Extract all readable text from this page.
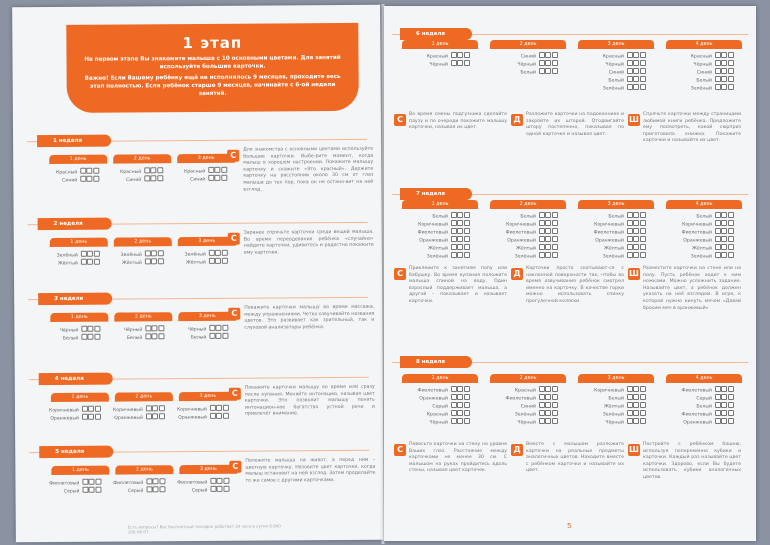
1 этап

На первом этапе Вы знакомите малыша с 10 основными цветами. Для занятий используйте большие карточки.

Важно! Если Вашему ребёнку ещё не исполнилось 9 месяцев, проходите весь этап полностью. Если ребёнок старше 9 месяцев, начинайте с 6-ой недели занятий.

1 неделя
1 день
Красный
Синий
2 день
Красный
Синий
3 день
Красный
Синий
С
Для знакомства с основными цветами используйте большие карточки. Выбе-рите момент, когда малыш в хорошем настроении. Покажите малышу карточку и скажите «Это красный». Держите карточку на расстоянии около 30 см от глаз малыша до тех пор, пока он не остано-вит на ней взгляд.
2 неделя
1 день
Зелёный
Жёлтый
2 день
Зелёный
Жёлтый
3 день
Зелёный
Жёлтый
С
Заранее спрячьте карточки среди вещей малыша. Во время переодевания ребёнка «случайно» найдите карточки, удивитесь и радостно покажите ему карточки.
3 неделя
1 день
Чёрный
Белый
2 день
Чёрный
Белый
3 день
Чёрный
Белый
С
Покажите карточки малышу во время массажа, между упражнениями. Четко озвучивайте названия цветов. Это развивает как зрительный, так и слуховой анализаторы ребёнка.
4 неделя
1 день
Коричневый
Оранжевый
2 день
Коричневый
Оранжевый
3 день
Коричневый
Оранжевый
С
Покажите карточки малышу во время или сразу после купания. Меняйте интонацию, называя цвет карточки. Это позволит малышу понять интонацион-ное богатство устной речи и привлечёт внимание.
5 неделя
1 день
Фиолетовый
Серый
2 день
Фиолетовый
Серый
3 день
Фиолетовый
Серый
С
Положите малыша на живот, а перед ним – цветную карточку. Назовите цвет карточки, когда малыш остановит на ней взгляд. Затем проделайте то же самое с другими карточками.
Есть вопросы? Вас бесплатный телефон работает 24 часа в сутки 8-800 100-08-07
6 неделя
1 день
Красный
Чёрный
2 день
Синий
Чёрный
Белый
3 день
Красный
Чёрный
Синий
Белый
Зелёный
4 день
Красный
Чёрный
Синий
Белый
Зелёный
С
Во время смены подгузника сделайте паузу и по очереди покажите малышу карточки, называя их цвет.
Д
Разложите карточки на подоконнике и закройте их шторой. Отодвигайте штору постепенно, показывая по одной карточке и называя цвет.
Ш
Спрячьте карточки между страницами любимой книги ребёнка. Предложите ему посмотреть, какой сюрприз приготовила книжка. Покажите карточки и называйте их цвет.
7 неделя
1 день
Белый
Коричневый
Фиолетовый
Оранжевый
Жёлтый
Зелёный
2 день
Белый
Коричневый
Фиолетовый
Оранжевый
Жёлтый
Зелёный
3 день
Белый
Коричневый
Фиолетовый
Оранжевый
Жёлтый
Зелёный
4 день
Белый
Коричневый
Фиолетовый
Оранжевый
Жёлтый
Зелёный
С
Приклеиите к занятиям папу или бабушку. Во время купания положите малыша спиной на воду. Один взрослый поддерживает малыша, а другой – показывает и называет карточки.
Д
Карточки просто скатывают-ся с наклонной поверхности так, чтобы во время озвучивания ребёнок смотрел именно на карточку. В качестве горки можно использовать спинку прогулочной коляски.
Ш
Разместите карточки на стене или на полу. Пусть ребёнок ходит к ним ножками. Можно усложнить задание. Называйте цвет, а ребёнок должен указать на неё взглядом. В игре, к которой нужно кинуть мячом «Давай бросим мяч в оранжевый»
8 неделя
1 день
Фиолетовый
Оранжевый
Серый
Красный
Чёрный
2 день
Красный
Фиолетовый
Синий
Зелёный
Чёрный
3 день
Коричневый
Белый
Жёлтый
Зелёный
Чёрный
4 день
Фиолетовый
Серый
Белый
Фиолетовый
Оранжевый
С
Повесьте карточки на стену на уровне Ваших глаз. Расстояние между карточками не менее 30 см. С малышом на руках пройдитесь вдоль стены, называя цвет карточек.
Д
Вместе с малышом разложите карточки на реальные предметы аналогичных цветов. Находите вместе с ребёнком карточки и называйте их цвет.
Ш
Постройте с ребёнком башню, используя попеременно кубики и карточки. Каждый раз называйте цвет карточки. Здорово, если Вы будете использовать кубики аналогичных цветов.
5
